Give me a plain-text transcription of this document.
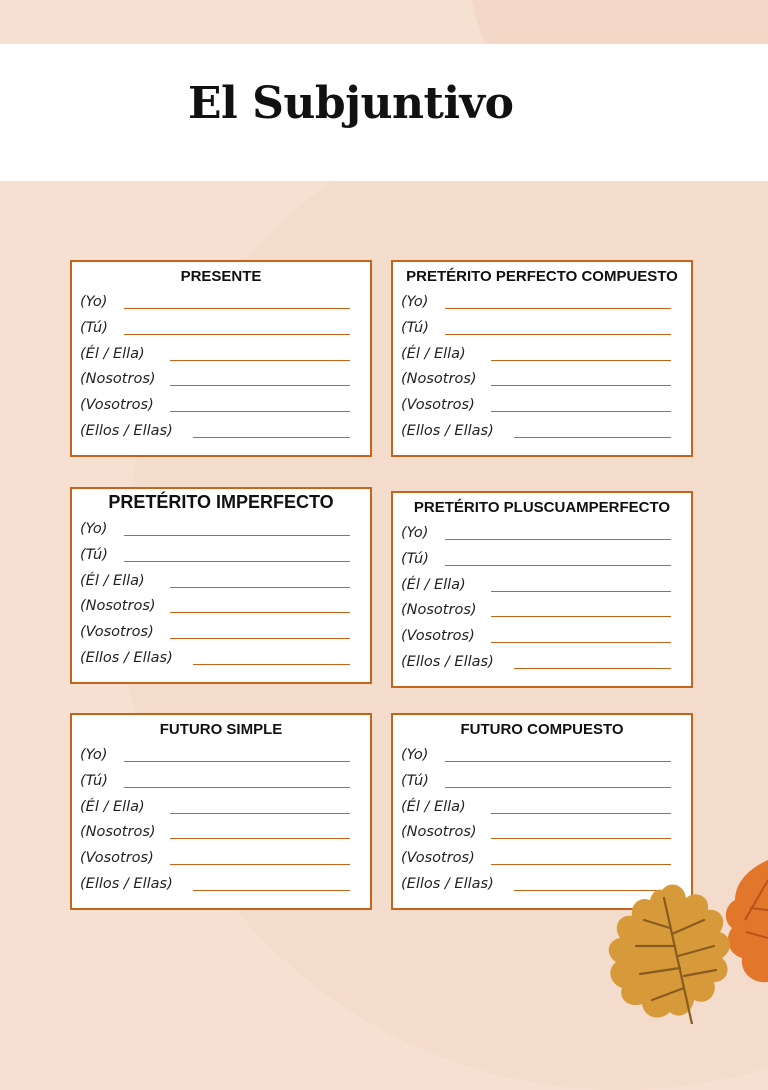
El Subjuntivo
PRESENTE
(Yo)
(Tú)
(Él / Ella)
(Nosotros)
(Vosotros)
(Ellos / Ellas)
PRETÉRITO PERFECTO COMPUESTO
(Yo)
(Tú)
(Él / Ella)
(Nosotros)
(Vosotros)
(Ellos / Ellas)
PRETÉRITO IMPERFECTO
(Yo)
(Tú)
(Él / Ella)
(Nosotros)
(Vosotros)
(Ellos / Ellas)
PRETÉRITO PLUSCUAMPERFECTO
(Yo)
(Tú)
(Él / Ella)
(Nosotros)
(Vosotros)
(Ellos / Ellas)
FUTURO SIMPLE
(Yo)
(Tú)
(Él / Ella)
(Nosotros)
(Vosotros)
(Ellos / Ellas)
FUTURO COMPUESTO
(Yo)
(Tú)
(Él / Ella)
(Nosotros)
(Vosotros)
(Ellos / Ellas)
